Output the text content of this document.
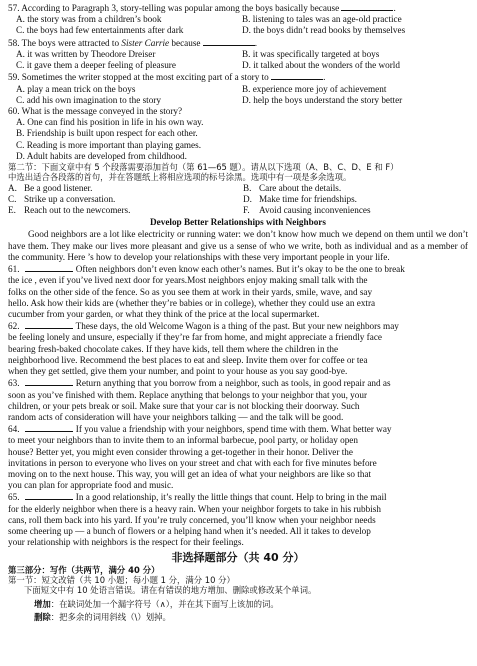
57. According to Paragraph 3, story-telling was popular among the boys basically because	.
A. the story was from a children’s book	B. listening to tales was an age-old practice
C. the boys had few entertainments after dark	D. the boys didn’t read books by themselves
58. The boys were attracted to Sister Carrie because	.
A. it was written by Theodore Dreiser	B. it was specifically targeted at boys
C. it gave them a deeper feeling of pleasure	D. it talked about the wonders of the world
59. Sometimes the writer stopped at the most exciting part of a story to	.
A. play a mean trick on the boys	B. experience more joy of achievement
C. add his own imagination to the story	D. help the boys understand the story better
60. What is the message conveyed in the story?
A. One can find his position in life in his own way.
B. Friendship is built upon respect for each other.
C. Reading is more important than playing games.
D. Adult habits are developed from childhood.
第二节：下面文章中有 5 个段落需要添加首句（第 61—65 题）。请从以下选项（A、B、C、D、E 和 F）
中选出适合各段落的首句，并在答题纸上将相应选项的标号涂黑。选项中有一项是多余选项。
A. Be a good listener.	B. Care about the details.
C. Strike up a conversation.	D. Make time for friendships.
E. Reach out to the newcomers.	F.	Avoid causing inconveniences
Develop Better Relationships with Neighbors

Good neighbors are a lot like electricity or running water: we don’t know how much we depend on them until we don’t have them. They make our lives more pleasant and give us a sense of who we write, both as individual and as a member of the community. Here ’s how to develop your relationships with these very important people in your life.

61.	Often neighbors don’t even know each other’s names. But it’s okay to be the one to break
the ice , even if you’ve lived next door for years.Most neighbors enjoy making small talk with the
folks on the other side of the fence. So as you see them at work in their yards, smile, wave, and say
hello. Ask how their kids are (whether they’re babies or in college), whether they could use an extra
cucumber from your garden, or what they think of the price at the local supermarket.
62.	These days, the old Welcome Wagon is a thing of the past. But your new neighbors may
be feeling lonely and unsure, especially if they’re far from home, and might appreciate a friendly face
bearing fresh-baked chocolate cakes. If they have kids, tell them where the children in the
neighborhood live. Recommend the best places to eat and sleep. Invite them over for coffee or tea
when they get settled, give them your number, and point to your house as you say good-bye.
63.	Return anything that you borrow from a neighbor, such as tools, in good repair and as
soon as you’ve finished with them. Replace anything that belongs to your neighbor that you, your
children, or your pets break or soil. Make sure that your car is not blocking their doorway. Such
random acts of consideration will have your neighbors talking — and the talk will be good.
64.	If you value a friendship with your neighbors, spend time with them. What better way
to meet your neighbors than to invite them to an informal barbecue, pool party, or holiday open
house? Better yet, you might even consider throwing a get-together in their honor. Deliver the
invitations in person to everyone who lives on your street and chat with each for five minutes before
moving on to the next house. This way, you will get an idea of what your neighbors are like so that
you can plan for appropriate food and music.
65.	In a good relationship, it’s really the little things that count. Help to bring in the mail
for the elderly neighbor when there is a heavy rain. When your neighbor forgets to take in his rubbish
cans, roll them back into his yard. If you’re truly concerned, you’ll know when your neighbor needs
some cheering up — a bunch of flowers or a helping hand when it’s needed. All it takes to develop
your relationship with neighbors is the respect for their feelings.
非选择题部分（共 40 分）
第三部分：写作（共两节，满分 40 分）
第一节：短文改错（共 10 小题；每小题 1 分，满分 10 分）
下面短文中有 10 处语言错误。请在有错误的地方增加、删除或修改某个单词。
增加：在缺词处加一个漏字符号（∧），并在其下面写上该加的词。
删除：把多余的词用斜线（\）划掉。
